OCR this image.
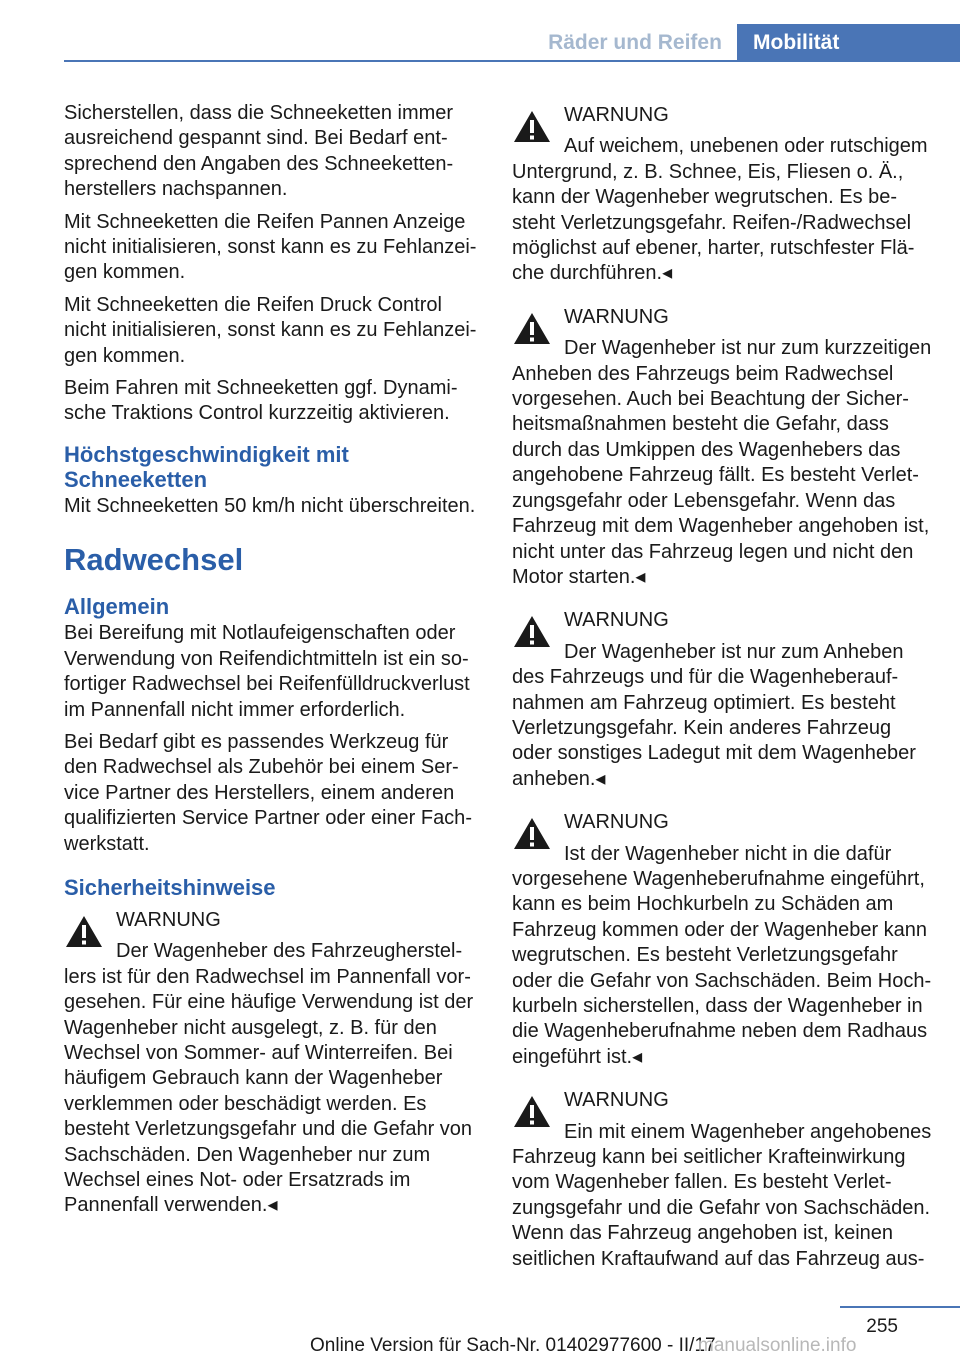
Räder und Reifen	Mobilität

Sicherstellen, dass die Schneeketten immer ausreichend gespannt sind. Bei Bedarf entsprechend den Angaben des Schneekettenherstellers nachspannen.

Mit Schneeketten die Reifen Pannen Anzeige nicht initialisieren, sonst kann es zu Fehlanzeigen kommen.

Mit Schneeketten die Reifen Druck Control nicht initialisieren, sonst kann es zu Fehlanzeigen kommen.

Beim Fahren mit Schneeketten ggf. Dynamische Traktions Control kurzzeitig aktivieren.

Höchstgeschwindigkeit mit Schneeketten

Mit Schneeketten 50 km/h nicht überschreiten.

Radwechsel
Allgemein

Bei Bereifung mit Notlaufeigenschaften oder Verwendung von Reifendichtmitteln ist ein sofortiger Radwechsel bei Reifenfülldruckverlust im Pannenfall nicht immer erforderlich.

Bei Bedarf gibt es passendes Werkzeug für den Radwechsel als Zubehör bei einem Service Partner des Herstellers, einem anderen qualifizierten Service Partner oder einer Fachwerkstatt.

Sicherheitshinweise
WARNUNG
Der Wagenheber des Fahrzeugherstellers ist für den Radwechsel im Pannenfall vorgesehen. Für eine häufige Verwendung ist der Wagenheber nicht ausgelegt, z. B. für den Wechsel von Sommer- auf Winterreifen. Bei häufigem Gebrauch kann der Wagenheber verklemmen oder beschädigt werden. Es besteht Verletzungsgefahr und die Gefahr von Sachschäden. Den Wagenheber nur zum Wechsel eines Not- oder Ersatzrads im Pannenfall verwenden.◂
WARNUNG
Auf weichem, unebenen oder rutschigem Untergrund, z. B. Schnee, Eis, Fliesen o. Ä., kann der Wagenheber wegrutschen. Es besteht Verletzungsgefahr. Reifen-/Radwechsel möglichst auf ebener, harter, rutschfester Fläche durchführen.◂
WARNUNG
Der Wagenheber ist nur zum kurzzeitigen Anheben des Fahrzeugs beim Radwechsel vorgesehen. Auch bei Beachtung der Sicherheitsmaßnahmen besteht die Gefahr, dass durch das Umkippen des Wagenhebers das angehobene Fahrzeug fällt. Es besteht Verletzungsgefahr oder Lebensgefahr. Wenn das Fahrzeug mit dem Wagenheber angehoben ist, nicht unter das Fahrzeug legen und nicht den Motor starten.◂
WARNUNG
Der Wagenheber ist nur zum Anheben des Fahrzeugs und für die Wagenheberaufnahmen am Fahrzeug optimiert. Es besteht Verletzungsgefahr. Kein anderes Fahrzeug oder sonstiges Ladegut mit dem Wagenheber anheben.◂
WARNUNG
Ist der Wagenheber nicht in die dafür vorgesehene Wagenheberufnahme eingeführt, kann es beim Hochkurbeln zu Schäden am Fahrzeug kommen oder der Wagenheber kann wegrutschen. Es besteht Verletzungsgefahr oder die Gefahr von Sachschäden. Beim Hochkurbeln sicherstellen, dass der Wagenheber in die Wagenheberufnahme neben dem Radhaus eingeführt ist.◂
WARNUNG
Ein mit einem Wagenheber angehobenes Fahrzeug kann bei seitlicher Krafteinwirkung vom Wagenheber fallen. Es besteht Verletzungsgefahr und die Gefahr von Sachschäden. Wenn das Fahrzeug angehoben ist, keinen seitlichen Kraftaufwand auf das Fahrzeug aus-
255
Online Version für Sach-Nr. 01402977600 - II/17
manualsonline.info
